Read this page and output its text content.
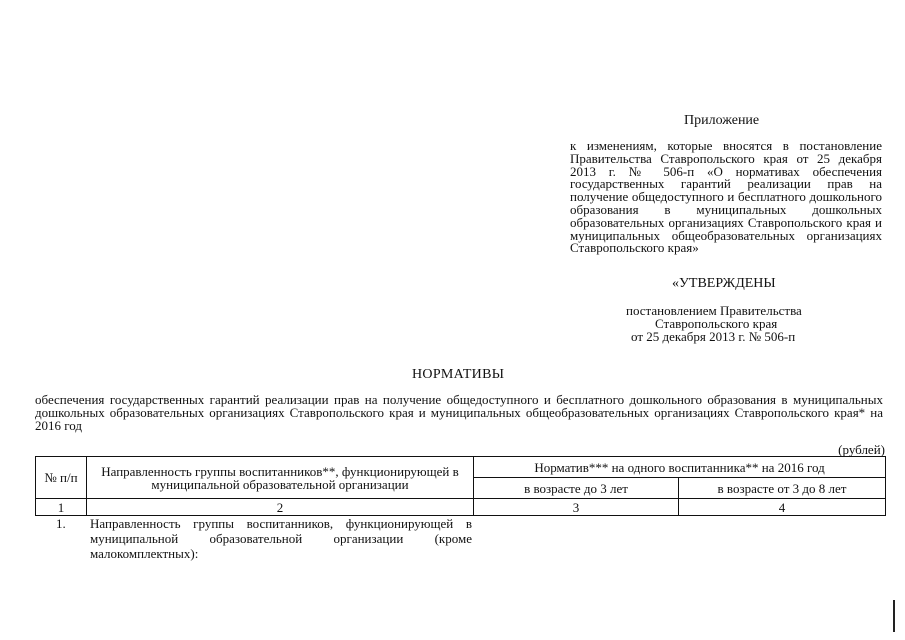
Приложение
к изменениям, которые вносятся в постановление Правительства Ставропольского края от 25 декабря 2013 г. № 506-п «О нормативах обеспечения государственных гарантий реализации прав на получение общедоступного и бесплатного дошкольного образования в муниципальных дошкольных образовательных организациях Ставропольского края и муниципальных общеобразовательных организациях Ставропольского края»
«УТВЕРЖДЕНЫ
постановлением Правительства
Ставропольского края
от 25 декабря 2013 г. № 506-п
НОРМАТИВЫ
обеспечения государственных гарантий реализации прав на получение общедоступного и бесплатного дошкольного образования в муниципальных дошкольных образовательных организациях Ставропольского края и муниципальных общеобразовательных организациях Ставропольского края* на 2016 год
(рублей)
№ п/п	Направленность группы воспитанников**, функционирующей в муниципальной образовательной организации	Норматив*** на одного воспитанника** на 2016 год	
		в возрасте до 3 лет	в возрасте от 3 до 8 лет
1	2	3	4
1. Направленность группы воспитанников, функционирующей в муниципальной образовательной организации (кроме малокомплектных):
